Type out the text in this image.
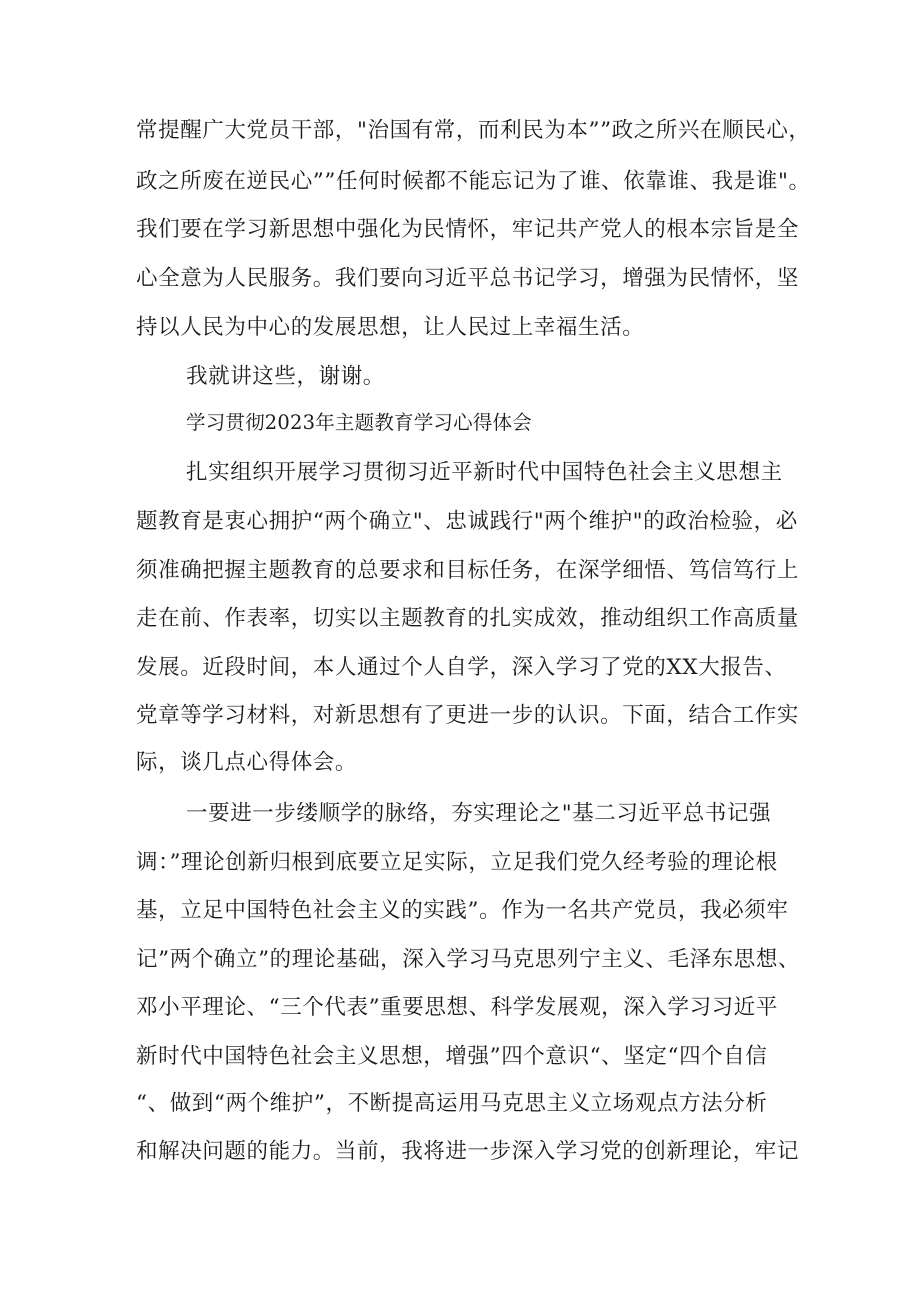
常提醒广大党员干部，"治国有常，而利民为本””政之所兴在顺民心，
政之所废在逆民心””任何时候都不能忘记为了谁、依靠谁、我是谁"。
我们要在学习新思想中强化为民情怀，牢记共产党人的根本宗旨是全
心全意为人民服务。我们要向习近平总书记学习，增强为民情怀，坚
持以人民为中心的发展思想，让人民过上幸福生活。
我就讲这些，谢谢。
学习贯彻2023年主题教育学习心得体会
扎实组织开展学习贯彻习近平新时代中国特色社会主义思想主
题教育是衷心拥护“两个确立"、忠诚践行"两个维护"的政治检验，必
须准确把握主题教育的总要求和目标任务，在深学细悟、笃信笃行上
走在前、作表率，切实以主题教育的扎实成效，推动组织工作高质量
发展。近段时间，本人通过个人自学，深入学习了党的XX大报告、
党章等学习材料，对新思想有了更进一步的认识。下面，结合工作实
际，谈几点心得体会。
一要进一步缕顺学的脉络，夯实理论之"基二习近平总书记强
调：”理论创新归根到底要立足实际，立足我们党久经考验的理论根
基，立足中国特色社会主义的实践”。作为一名共产党员，我必须牢
记”两个确立”的理论基础，深入学习马克思列宁主义、毛泽东思想、
邓小平理论、“三个代表”重要思想、科学发展观，深入学习习近平
新时代中国特色社会主义思想，增强”四个意识“、坚定“四个自信
“、做到“两个维护”，不断提高运用马克思主义立场观点方法分析
和解决问题的能力。当前，我将进一步深入学习党的创新理论，牢记
